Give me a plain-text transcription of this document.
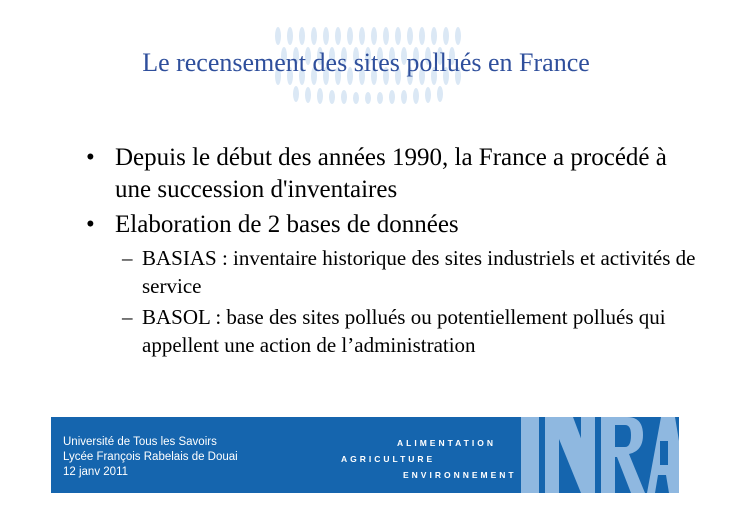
Le recensement des sites pollués en France
• Depuis le début des années 1990, la France a procédé à une succession d'inventaires
• Elaboration de 2 bases de données
– BASIAS : inventaire historique des sites industriels et activités de service
– BASOL : base des sites pollués ou potentiellement pollués qui appellent une action de l’administration
Université de Tous les Savoirs
Lycée François Rabelais de Douai
12 janv 2011
ALIMENTATION
AGRICULTURE
ENVIRONNEMENT
